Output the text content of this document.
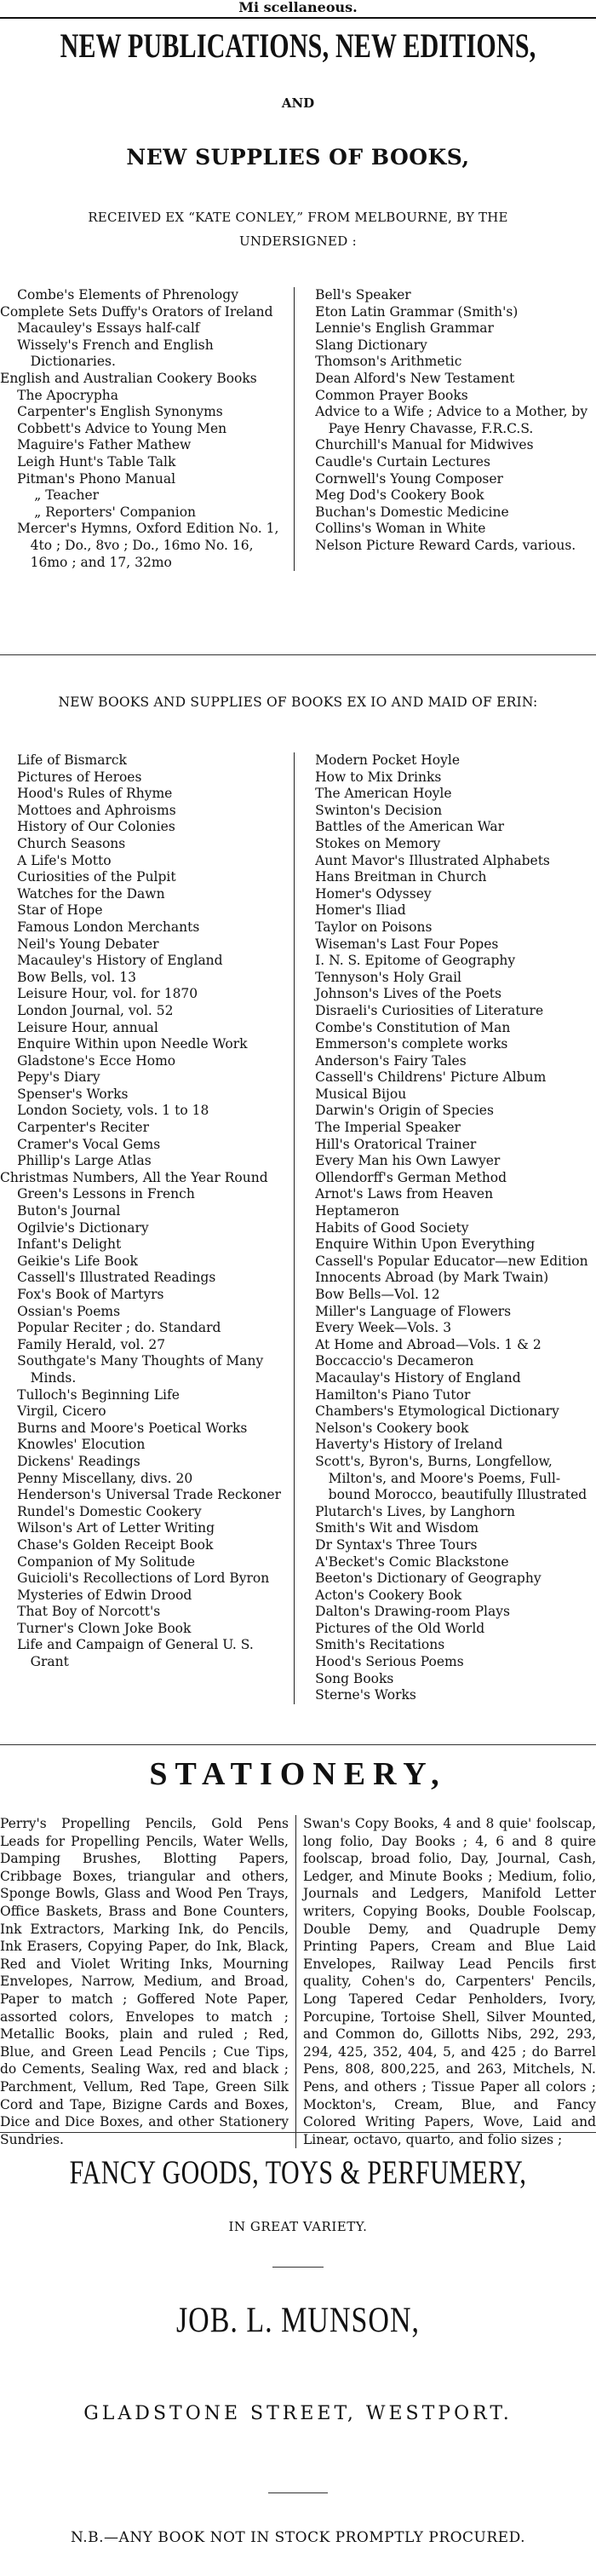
Mi scellaneous.
NEW PUBLICATIONS, NEW EDITIONS,
AND
NEW SUPPLIES OF BOOKS,
RECEIVED EX “KATE CONLEY,” FROM MELBOURNE, BY THE
UNDERSIGNED :

Combe's Elements of Phrenology

Complete Sets Duffy's Orators of Ireland

Macauley's Essays half-calf

Wissely's French and English Dictionaries.

English and Australian Cookery Books

The Apocrypha

Carpenter's English Synonyms

Cobbett's Advice to Young Men

Maguire's Father Mathew

Leigh Hunt's Table Talk

Pitman's Phono Manual

„ Teacher

„ Reporters' Companion

Mercer's Hymns, Oxford Edition No. 1, 4to ; Do., 8vo ; Do., 16mo No. 16, 16mo ; and 17, 32mo

Bell's Speaker

Eton Latin Grammar (Smith's)

Lennie's English Grammar

Slang Dictionary

Thomson's Arithmetic

Dean Alford's New Testament

Common Prayer Books

Advice to a Wife ; Advice to a Mother, by Paye Henry Chavasse, F.R.C.S.

Churchill's Manual for Midwives

Caudle's Curtain Lectures

Cornwell's Young Composer

Meg Dod's Cookery Book

Buchan's Domestic Medicine

Collins's Woman in White

Nelson Picture Reward Cards, various.

NEW BOOKS AND SUPPLIES OF BOOKS EX IO AND MAID OF ERIN:

Life of Bismarck

Pictures of Heroes

Hood's Rules of Rhyme

Mottoes and Aphroisms

History of Our Colonies

Church Seasons

A Life's Motto

Curiosities of the Pulpit

Watches for the Dawn

Star of Hope

Famous London Merchants

Neil's Young Debater

Macauley's History of England

Bow Bells, vol. 13

Leisure Hour, vol. for 1870

London Journal, vol. 52

Leisure Hour, annual

Enquire Within upon Needle Work

Gladstone's Ecce Homo

Pepy's Diary

Spenser's Works

London Society, vols. 1 to 18

Carpenter's Reciter

Cramer's Vocal Gems

Phillip's Large Atlas

Christmas Numbers, All the Year Round

Green's Lessons in French

Buton's Journal

Ogilvie's Dictionary

Infant's Delight

Geikie's Life Book

Cassell's Illustrated Readings

Fox's Book of Martyrs

Ossian's Poems

Popular Reciter ; do. Standard

Family Herald, vol. 27

Southgate's Many Thoughts of Many Minds.

Tulloch's Beginning Life

Virgil, Cicero

Burns and Moore's Poetical Works

Knowles' Elocution

Dickens' Readings

Penny Miscellany, divs. 20

Henderson's Universal Trade Reckoner

Rundel's Domestic Cookery

Wilson's Art of Letter Writing

Chase's Golden Receipt Book

Companion of My Solitude

Guicioli's Recollections of Lord Byron

Mysteries of Edwin Drood

That Boy of Norcott's

Turner's Clown Joke Book

Life and Campaign of General U. S. Grant

Modern Pocket Hoyle

How to Mix Drinks

The American Hoyle

Swinton's Decision

Battles of the American War

Stokes on Memory

Aunt Mavor's Illustrated Alphabets

Hans Breitman in Church

Homer's Odyssey

Homer's Iliad

Taylor on Poisons

Wiseman's Last Four Popes

I. N. S. Epitome of Geography

Tennyson's Holy Grail

Johnson's Lives of the Poets

Disraeli's Curiosities of Literature

Combe's Constitution of Man

Emmerson's complete works

Anderson's Fairy Tales

Cassell's Childrens' Picture Album

Musical Bijou

Darwin's Origin of Species

The Imperial Speaker

Hill's Oratorical Trainer

Every Man his Own Lawyer

Ollendorff's German Method

Arnot's Laws from Heaven

Heptameron

Habits of Good Society

Enquire Within Upon Everything

Cassell's Popular Educator—new Edition

Innocents Abroad (by Mark Twain)

Bow Bells—Vol. 12

Miller's Language of Flowers

Every Week—Vols. 3

At Home and Abroad—Vols. 1 & 2

Boccaccio's Decameron

Macaulay's History of England

Hamilton's Piano Tutor

Chambers's Etymological Dictionary

Nelson's Cookery book

Haverty's History of Ireland

Scott's, Byron's, Burns, Longfellow, Milton's, and Moore's Poems, Full-bound Morocco, beautifully Illustrated

Plutarch's Lives, by Langhorn

Smith's Wit and Wisdom

Dr Syntax's Three Tours

A'Becket's Comic Blackstone

Beeton's Dictionary of Geography

Acton's Cookery Book

Dalton's Drawing-room Plays

Pictures of the Old World

Smith's Recitations

Hood's Serious Poems

Song Books

Sterne's Works

STATIONERY,

Perry's Propelling Pencils, Gold Pens Leads for Propelling Pencils, Water Wells, Damping Brushes, Blotting Papers, Cribbage Boxes, triangular and others, Sponge Bowls, Glass and Wood Pen Trays, Office Baskets, Brass and Bone Counters, Ink Extractors, Marking Ink, do Pencils, Ink Erasers, Copying Paper, do Ink, Black, Red and Violet Writing Inks, Mourning Envelopes, Narrow, Medium, and Broad, Paper to match ; Goffered Note Paper, assorted colors, Envelopes to match ; Metallic Books, plain and ruled ; Red, Blue, and Green Lead Pencils ; Cue Tips, do Cements, Sealing Wax, red and black ; Parchment, Vellum, Red Tape, Green Silk Cord and Tape, Bizigne Cards and Boxes, Dice and Dice Boxes, and other Stationery Sundries.

Swan's Copy Books, 4 and 8 quie' foolscap, long folio, Day Books ; 4, 6 and 8 quire foolscap, broad folio, Day, Journal, Cash, Ledger, and Minute Books ; Medium, folio, Journals and Ledgers, Manifold Letter writers, Copying Books, Double Foolscap, Double Demy, and Quadruple Demy Printing Papers, Cream and Blue Laid Envelopes, Railway Lead Pencils first quality, Cohen's do, Carpenters' Pencils, Long Tapered Cedar Penholders, Ivory, Porcupine, Tortoise Shell, Silver Mounted, and Common do, Gillotts Nibs, 292, 293, 294, 425, 352, 404, 5, and 425 ; do Barrel Pens, 808, 800,225, and 263, Mitchels, N. Pens, and others ; Tissue Paper all colors ; Mockton's, Cream, Blue, and Fancy Colored Writing Papers, Wove, Laid and Linear, octavo, quarto, and folio sizes ;

FANCY GOODS, TOYS & PERFUMERY,
IN GREAT VARIETY.
JOB. L. MUNSON,
GLADSTONE STREET, WESTPORT.
N.B.—ANY BOOK NOT IN STOCK PROMPTLY PROCURED.
